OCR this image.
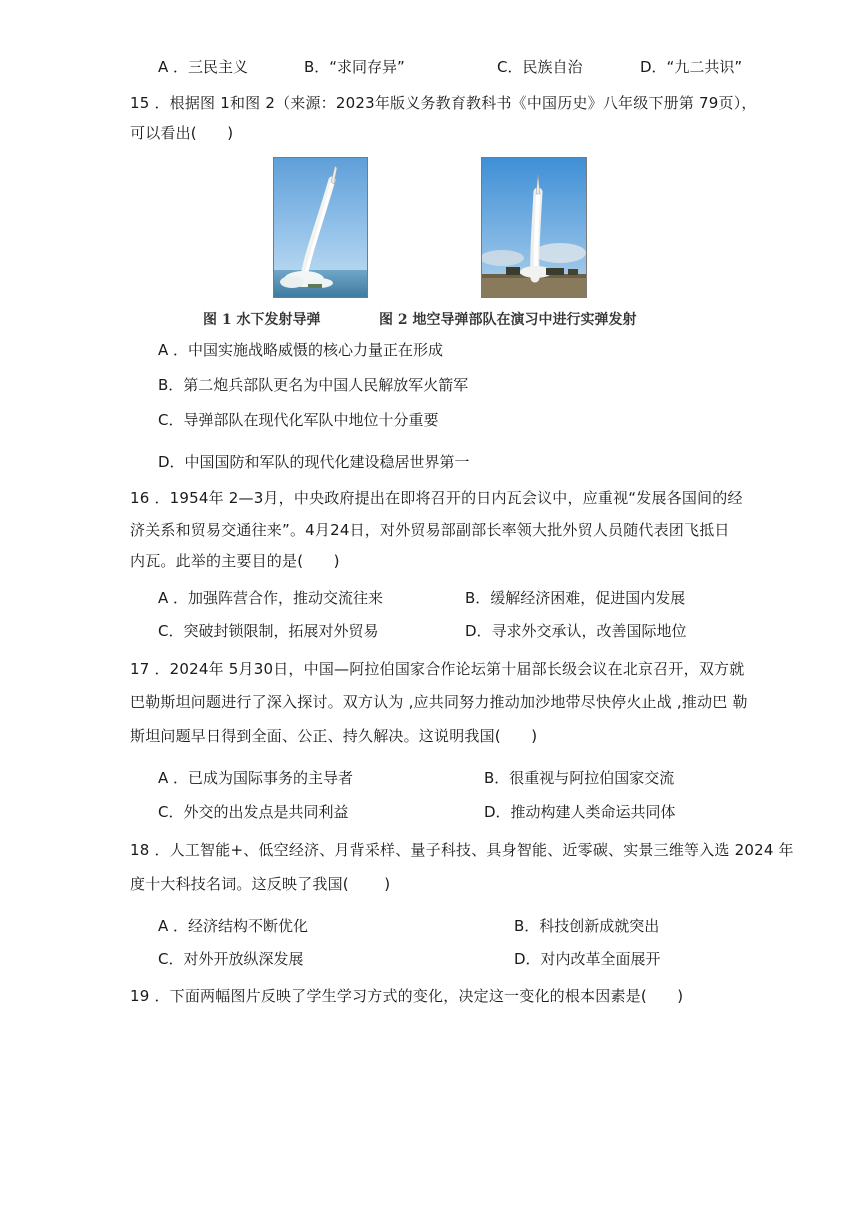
A ．三民主义	B．“求同存异”	C．民族自治	D．“九二共识”
15 ．根据图 1和图 2（来源：2023年版义务教育教科书《中国历史》八年级下册第 79页），
可以看出(　　)
图 1 水下发射导弹	图 2 地空导弹部队在演习中进行实弹发射
A ．中国实施战略威慑的核心力量正在形成
B．第二炮兵部队更名为中国人民解放军火箭军
C．导弹部队在现代化军队中地位十分重要
D．中国国防和军队的现代化建设稳居世界第一
16 ．1954年 2—3月，中央政府提出在即将召开的日内瓦会议中，应重视“发展各国间的经
济关系和贸易交通往来”。4月24日，对外贸易部副部长率领大批外贸人员随代表团飞抵日
内瓦。此举的主要目的是(　　)
A ．加强阵营合作，推动交流往来	B．缓解经济困难，促进国内发展
C．突破封锁限制，拓展对外贸易	D．寻求外交承认，改善国际地位
17 ．2024年 5月30日，中国—阿拉伯国家合作论坛第十届部长级会议在北京召开，双方就
巴勒斯坦问题进行了深入探讨。双方认为 ,应共同努力推动加沙地带尽快停火止战 ,推动巴 勒
斯坦问题早日得到全面、公正、持久解决。这说明我国(　　)
A ．已成为国际事务的主导者	B．很重视与阿拉伯国家交流
C．外交的出发点是共同利益	D．推动构建人类命运共同体
18 ．人工智能+、低空经济、月背采样、量子科技、具身智能、近零碳、实景三维等入选 2024 年
度十大科技名词。这反映了我国(　　 )
A ．经济结构不断优化	B．科技创新成就突出
C．对外开放纵深发展	D．对内改革全面展开
19 ．下面两幅图片反映了学生学习方式的变化，决定这一变化的根本因素是(　　)
